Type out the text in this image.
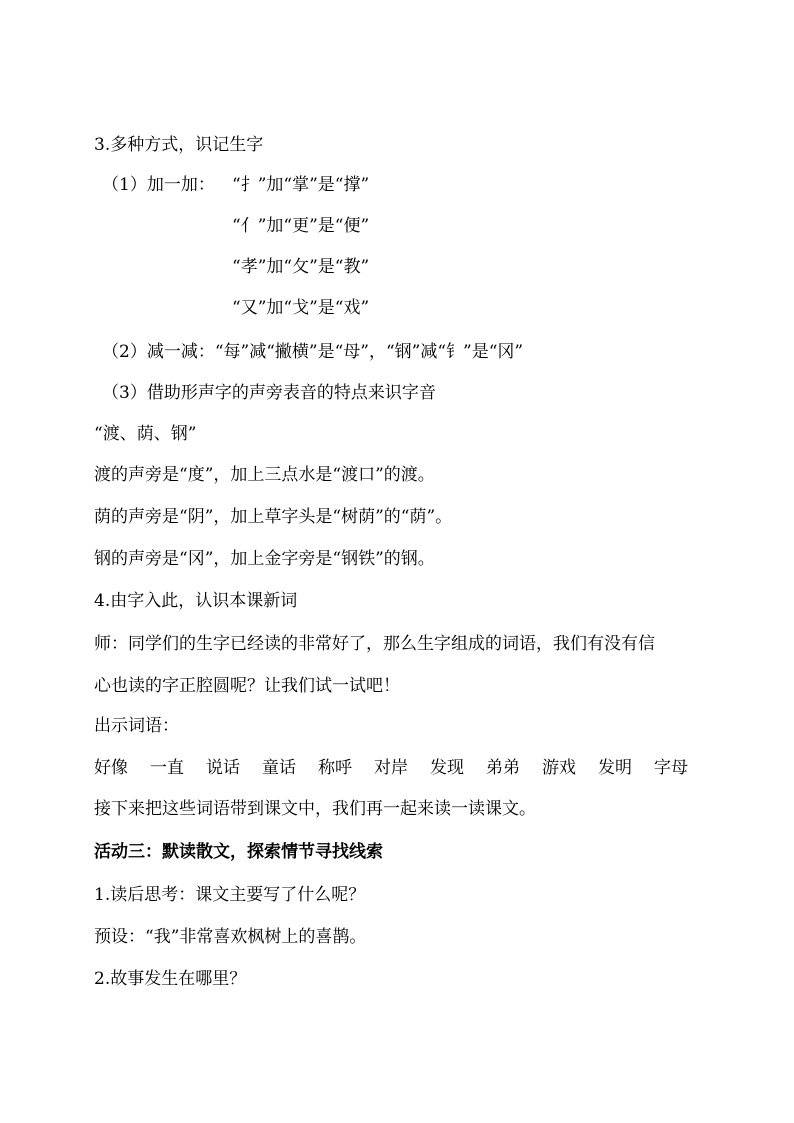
3.多种方式，识记生字
（1）加一加： “扌”加“掌”是“撑”
“亻”加“更”是“便”
“孝”加“攵”是“教”
“又”加“戈”是“戏”
（2）减一减：“每”减“撇横”是“母”，“钢”减“钅”是“冈”
（3）借助形声字的声旁表音的特点来识字音
“渡、荫、钢”
渡的声旁是“度”，加上三点水是“渡口”的渡。
荫的声旁是“阴”，加上草字头是“树荫”的“荫”。
钢的声旁是“冈”，加上金字旁是“钢铁”的钢。
4.由字入此，认识本课新词
师：同学们的生字已经读的非常好了，那么生字组成的词语，我们有没有信
心也读的字正腔圆呢？让我们试一试吧！
出示词语：
好像 一直 说话 童话 称呼 对岸 发现 弟弟 游戏 发明 字母
接下来把这些词语带到课文中，我们再一起来读一读课文。
活动三：默读散文，探索情节寻找线索
1.读后思考：课文主要写了什么呢？
预设：“我”非常喜欢枫树上的喜鹊。
2.故事发生在哪里？
